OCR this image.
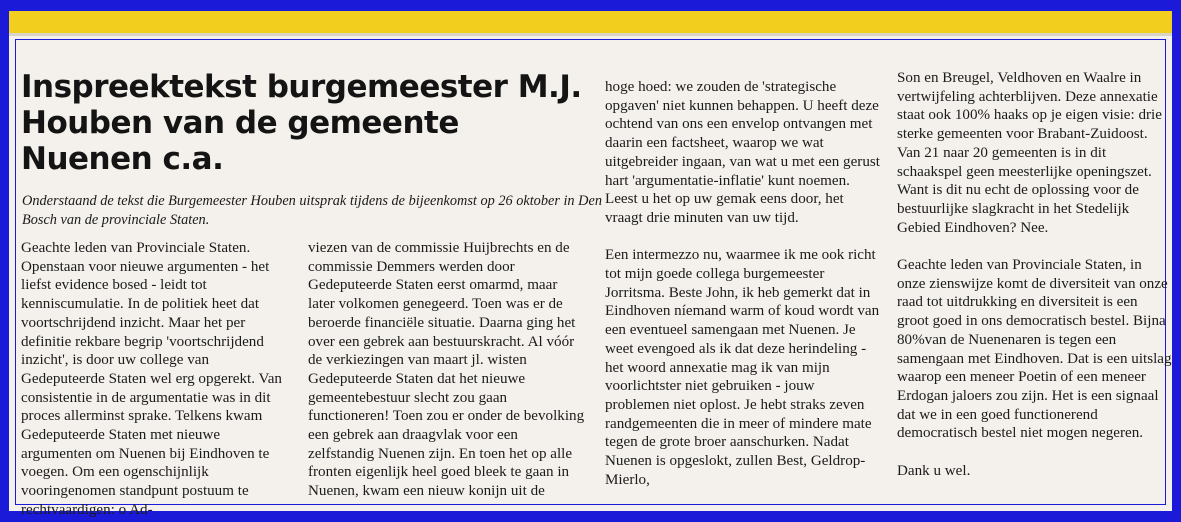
Inspreektekst burgemeester M.J. Houben van de gemeente Nuenen c.a.

Onderstaand de tekst die Burgemeester Houben uitsprak tijdens de bijeenkomst op 26 oktober in Den Bosch van de provinciale Staten.

Geachte leden van Provinciale Staten. Openstaan voor nieuwe argumenten - het liefst evidence bosed - leidt tot kenniscumulatie. In de politiek heet dat voortschrijdend inzicht. Maar het per definitie rekbare begrip 'voortschrijdend inzicht', is door uw college van Gedeputeerde Staten wel erg opgerekt. Van consistentie in de argumentatie was in dit proces allerminst sprake. Telkens kwam Gedeputeerde Staten met nieuwe argumenten om Nuenen bij Eindhoven te voegen. Om een ogenschijnlijk vooringenomen standpunt postuum te rechtvaardigen: o Ad-

viezen van de commissie Huijbrechts en de commissie Demmers werden door Gedeputeerde Staten eerst omarmd, maar later volkomen genegeerd. Toen was er de beroerde financiële situatie. Daarna ging het over een gebrek aan bestuurskracht. Al vóór de verkiezingen van maart jl. wisten Gedeputeerde Staten dat het nieuwe gemeentebestuur slecht zou gaan functioneren! Toen zou er onder de bevolking een gebrek aan draagvlak voor een zelfstandig Nuenen zijn. En toen het op alle fronten eigenlijk heel goed bleek te gaan in Nuenen, kwam een nieuw konijn uit de

hoge hoed: we zouden de 'strategische opgaven' niet kunnen behappen. U heeft deze ochtend van ons een envelop ontvangen met daarin een factsheet, waarop we wat uitgebreider ingaan, van wat u met een gerust hart 'argumentatie-inflatie' kunt noemen. Leest u het op uw gemak eens door, het vraagt drie minuten van uw tijd.

Een intermezzo nu, waarmee ik me ook richt tot mijn goede collega burgemeester Jorritsma. Beste John, ik heb gemerkt dat in Eindhoven níemand warm of koud wordt van een eventueel samengaan met Nuenen. Je weet evengoed als ik dat deze herindeling - het woord annexatie mag ik van mijn voorlichtster niet gebruiken - jouw problemen niet oplost. Je hebt straks zeven randgemeenten die in meer of mindere mate tegen de grote broer aanschurken. Nadat Nuenen is opgeslokt, zullen Best, Geldrop-Mierlo,

Son en Breugel, Veldhoven en Waalre in vertwijfeling achterblijven. Deze annexatie staat ook 100% haaks op je eigen visie: drie sterke gemeenten voor Brabant-Zuidoost. Van 21 naar 20 gemeenten is in dit schaakspel geen meesterlijke openingszet. Want is dit nu echt de oplossing voor de bestuurlijke slagkracht in het Stedelijk Gebied Eindhoven? Nee.

Geachte leden van Provinciale Staten, in onze zienswijze komt de diversiteit van onze raad tot uitdrukking en diversiteit is een groot goed in ons democratisch bestel. Bijna 80%van de Nuenenaren is tegen een samengaan met Eindhoven. Dat is een uitslag waarop een meneer Poetin of een meneer Erdogan jaloers zou zijn. Het is een signaal dat we in een goed functionerend democratisch bestel niet mogen negeren.

Dank u wel.
